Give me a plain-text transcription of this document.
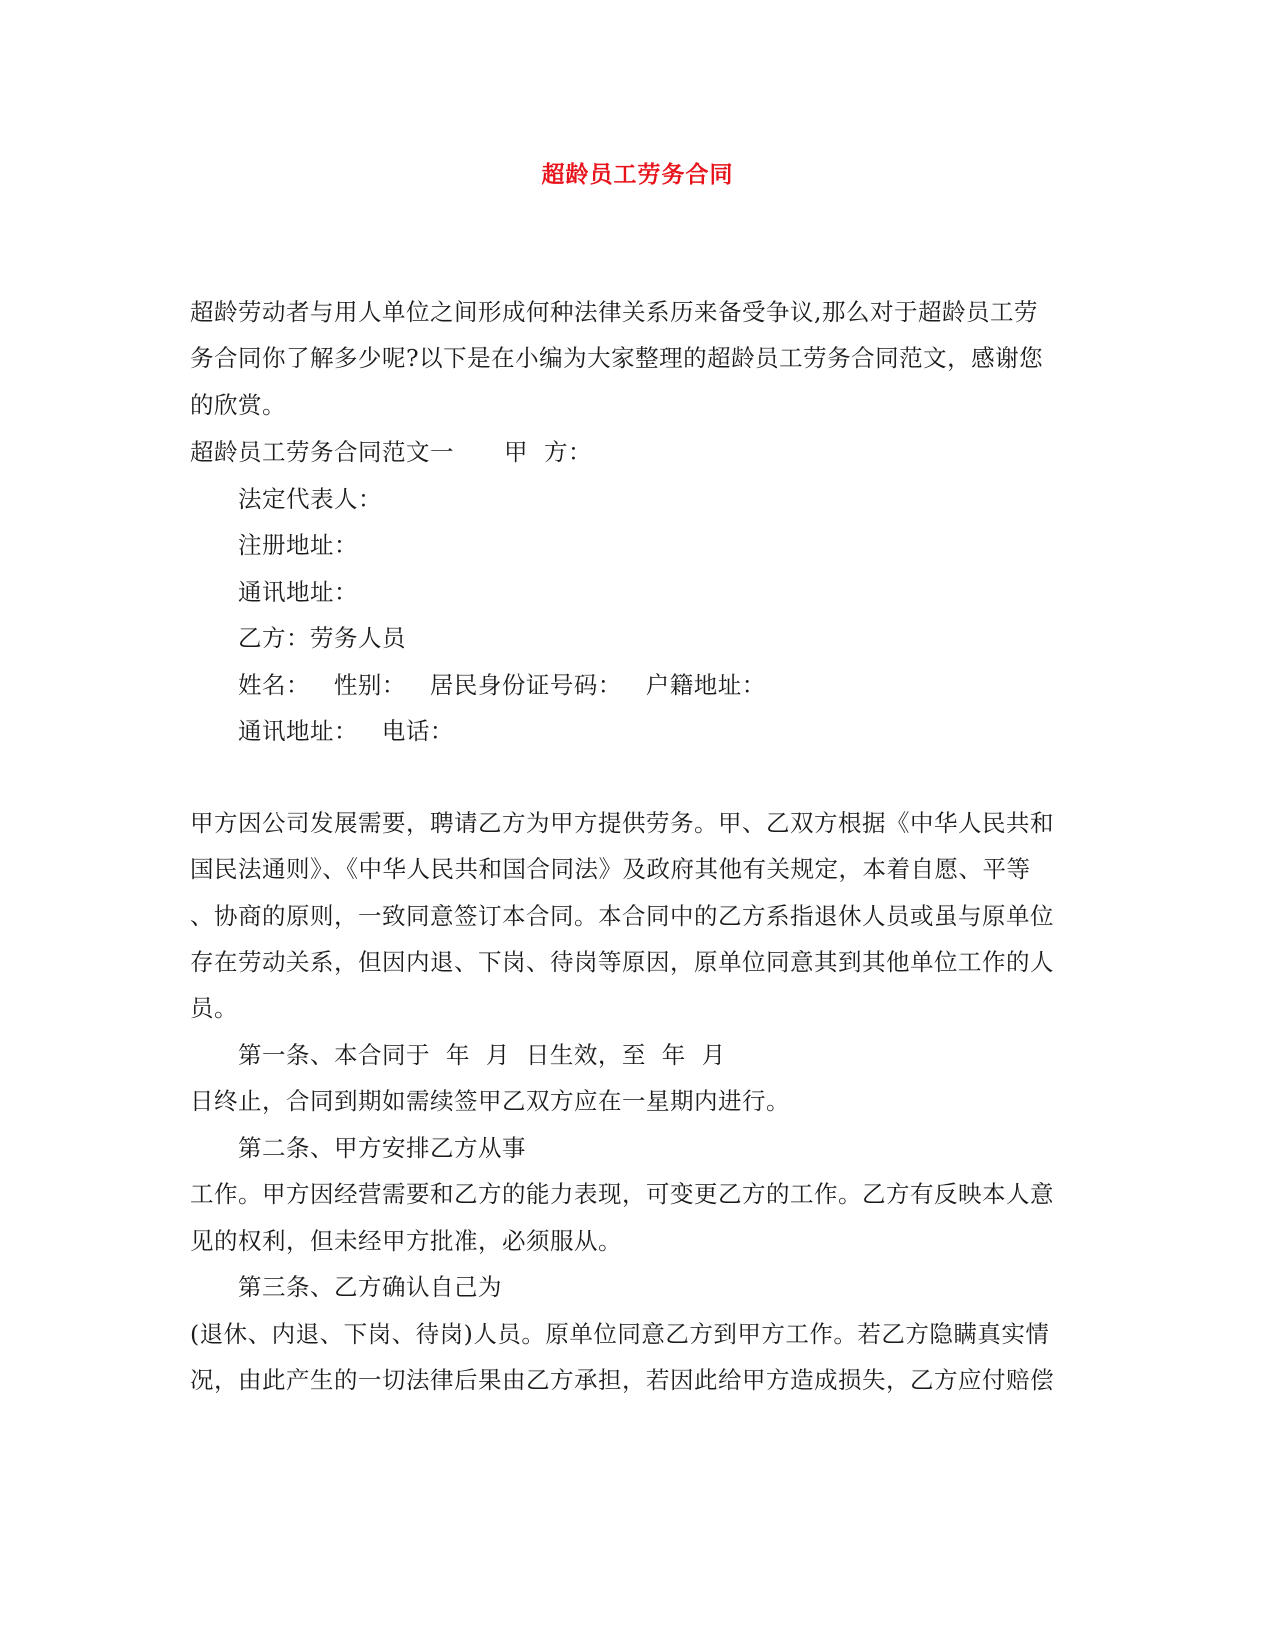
超龄员工劳务合同
超龄劳动者与用人单位之间形成何种法律关系历来备受争议,那么对于超龄员工劳
务合同你了解多少呢?以下是在小编为大家整理的超龄员工劳务合同范文，感谢您
的欣赏。
超龄员工劳务合同范文一 甲  方：
法定代表人：
注册地址：
通讯地址：
乙方：劳务人员
姓名：   性别：   居民身份证号码：   户籍地址：
通讯地址：   电话：
甲方因公司发展需要，聘请乙方为甲方提供劳务。甲、乙双方根据《中华人民共和
国民法通则》、《中华人民共和国合同法》及政府其他有关规定，本着自愿、平等
、协商的原则，一致同意签订本合同。本合同中的乙方系指退休人员或虽与原单位
存在劳动关系，但因内退、下岗、待岗等原因，原单位同意其到其他单位工作的人
员。
第一条、本合同于  年  月  日生效，至  年  月
日终止，合同到期如需续签甲乙双方应在一星期内进行。
第二条、甲方安排乙方从事
工作。甲方因经营需要和乙方的能力表现，可变更乙方的工作。乙方有反映本人意
见的权利，但未经甲方批准，必须服从。
第三条、乙方确认自己为
(退休、内退、下岗、待岗)人员。原单位同意乙方到甲方工作。若乙方隐瞒真实情
况，由此产生的一切法律后果由乙方承担，若因此给甲方造成损失，乙方应付赔偿
